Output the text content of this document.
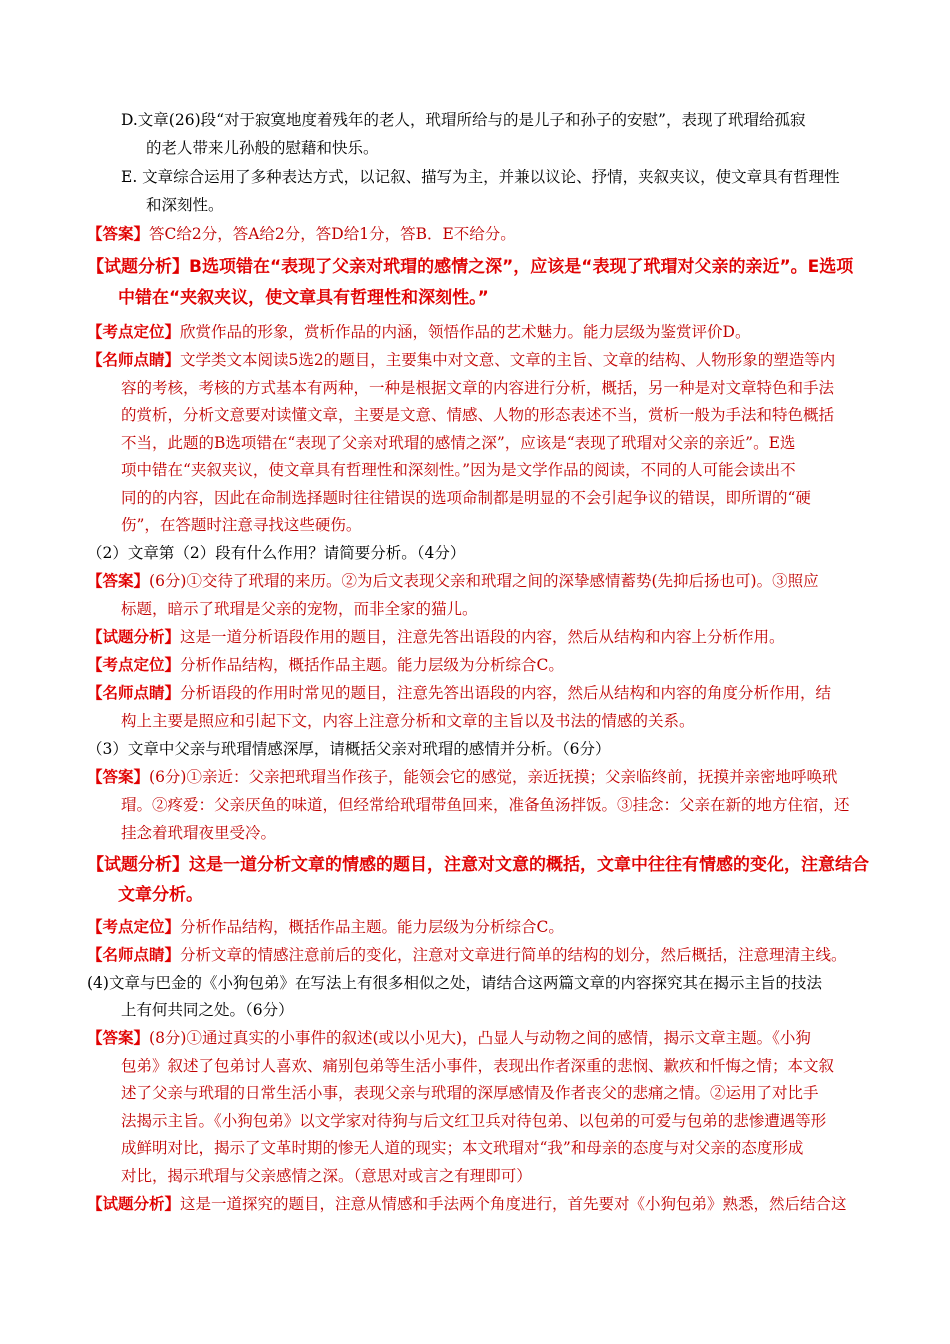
D.文章(26)段“对于寂寞地度着残年的老人，玳瑁所给与的是儿子和孙子的安慰”，表现了玳瑁给孤寂
的老人带来儿孙般的慰藉和快乐。
E. 文章综合运用了多种表达方式，以记叙、描写为主，并兼以议论、抒情，夹叙夹议，使文章具有哲理性
和深刻性。
【答案】答C给2分，答A给2分，答D给1分，答B．E不给分。
【试题分析】B选项错在“表现了父亲对玳瑁的感情之深”，应该是“表现了玳瑁对父亲的亲近”。E选项
中错在“夹叙夹议，使文章具有哲理性和深刻性。”
【考点定位】欣赏作品的形象，赏析作品的内涵，领悟作品的艺术魅力。能力层级为鉴赏评价D。
【名师点睛】文学类文本阅读5选2的题目，主要集中对文意、文章的主旨、文章的结构、人物形象的塑造等内
容的考核，考核的方式基本有两种，一种是根据文章的内容进行分析，概括，另一种是对文章特色和手法
的赏析，分析文意要对读懂文章，主要是文意、情感、人物的形态表述不当，赏析一般为手法和特色概括
不当，此题的B选项错在“表现了父亲对玳瑁的感情之深”，应该是“表现了玳瑁对父亲的亲近”。E选
项中错在“夹叙夹议，使文章具有哲理性和深刻性。”因为是文学作品的阅读，不同的人可能会读出不
同的的内容，因此在命制选择题时往往错误的选项命制都是明显的不会引起争议的错误，即所谓的“硬
伤”，在答题时注意寻找这些硬伤。
（2）文章第（2）段有什么作用？请简要分析。（4分）
【答案】(6分)①交待了玳瑁的来历。②为后文表现父亲和玳瑁之间的深挚感情蓄势(先抑后扬也可)。③照应
标题，暗示了玳瑁是父亲的宠物，而非全家的猫儿。
【试题分析】这是一道分析语段作用的题目，注意先答出语段的内容，然后从结构和内容上分析作用。
【考点定位】分析作品结构，概括作品主题。能力层级为分析综合C。
【名师点睛】分析语段的作用时常见的题目，注意先答出语段的内容，然后从结构和内容的角度分析作用，结
构上主要是照应和引起下文，内容上注意分析和文章的主旨以及书法的情感的关系。
（3）文章中父亲与玳瑁情感深厚，请概括父亲对玳瑁的感情并分析。（6分）
【答案】(6分)①亲近：父亲把玳瑁当作孩子，能领会它的感觉，亲近抚摸；父亲临终前，抚摸并亲密地呼唤玳
瑁。②疼爱：父亲厌鱼的味道，但经常给玳瑁带鱼回来，准备鱼汤拌饭。③挂念：父亲在新的地方住宿，还
挂念着玳瑁夜里受冷。
【试题分析】这是一道分析文章的情感的题目，注意对文意的概括，文章中往往有情感的变化，注意结合
文章分析。
【考点定位】分析作品结构，概括作品主题。能力层级为分析综合C。
【名师点睛】分析文章的情感注意前后的变化，注意对文章进行简单的结构的划分，然后概括，注意理清主线。
(4)文章与巴金的《小狗包弟》在写法上有很多相似之处，请结合这两篇文章的内容探究其在揭示主旨的技法
上有何共同之处。（6分）
【答案】(8分)①通过真实的小事件的叙述(或以小见大)，凸显人与动物之间的感情，揭示文章主题。《小狗
包弟》叙述了包弟讨人喜欢、痛别包弟等生活小事件，表现出作者深重的悲悯、歉疚和忏悔之情；本文叙
述了父亲与玳瑁的日常生活小事，表现父亲与玳瑁的深厚感情及作者丧父的悲痛之情。②运用了对比手
法揭示主旨。《小狗包弟》以文学家对待狗与后文红卫兵对待包弟、以包弟的可爱与包弟的悲惨遭遇等形
成鲜明对比，揭示了文革时期的惨无人道的现实；本文玳瑁对“我”和母亲的态度与对父亲的态度形成
对比，揭示玳瑁与父亲感情之深。（意思对或言之有理即可）
【试题分析】这是一道探究的题目，注意从情感和手法两个角度进行，首先要对《小狗包弟》熟悉，然后结合这
